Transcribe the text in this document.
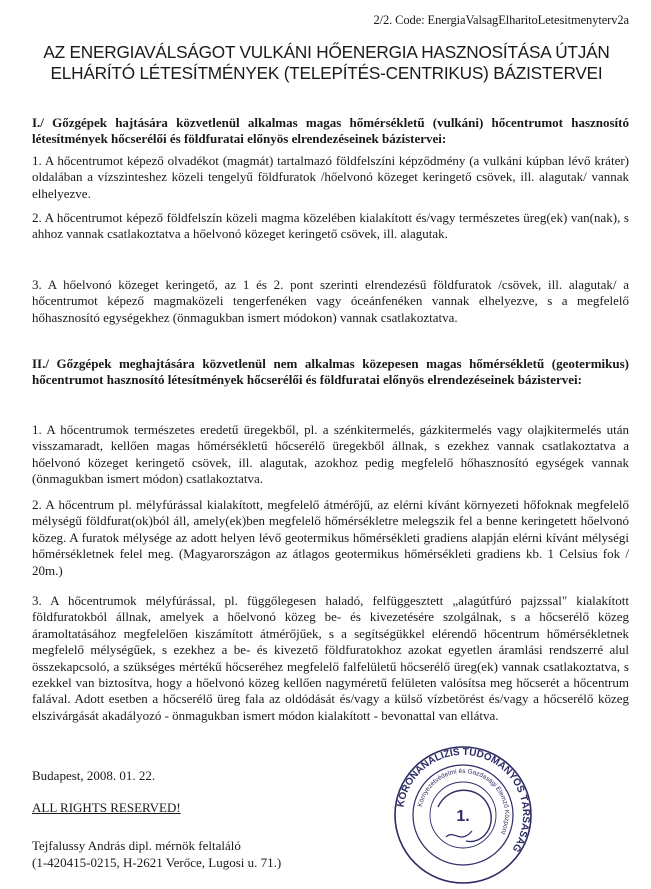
2/2. Code: EnergiaValsagElharitoLetesitmenyterv2a
AZ ENERGIAVÁLSÁGOT VULKÁNI HŐENERGIA HASZNOSÍTÁSA ÚTJÁN
ELHÁRÍTÓ LÉTESÍTMÉNYEK (TELEPÍTÉS-CENTRIKUS) BÁZISTERVEI
I./ Gőzgépek hajtására közvetlenül alkalmas magas hőmérsékletű (vulkáni) hőcentrumot hasznosító létesítmények hőcserélői és földfuratai előnyös elrendezéseinek bázistervei:
1. A hőcentrumot képező olvadékot (magmát) tartalmazó földfelszíni képződmény (a vulkáni kúpban lévő kráter) oldalában a vízszinteshez közeli tengelyű földfuratok /hőelvonó közeget keringető csövek, ill. alagutak/ vannak elhelyezve.
2. A hőcentrumot képező földfelszín közeli magma közelében kialakított és/vagy természetes üreg(ek) van(nak), s ahhoz vannak csatlakoztatva a hőelvonó közeget keringető csövek, ill. alagutak.
3. A hőelvonó közeget keringető, az 1 és 2. pont szerinti elrendezésű földfuratok /csövek, ill. alagutak/ a hőcentrumot képező magmaközeli tengerfenéken vagy óceánfenéken vannak elhelyezve, s a megfelelő hőhasznosító egységekhez (önmagukban ismert módokon) vannak csatlakoztatva.
II./ Gőzgépek meghajtására közvetlenül nem alkalmas közepesen magas hőmérsékletű (geotermikus) hőcentrumot hasznosító létesítmények hőcserélői és földfuratai előnyös elrendezéseinek bázistervei:
1. A hőcentrumok természetes eredetű üregekből, pl. a szénkitermelés, gázkitermelés vagy olajkitermelés után visszamaradt, kellően magas hőmérsékletű hőcserélő üregekből állnak, s ezekhez vannak csatlakoztatva a hőelvonó közeget keringető csövek, ill. alagutak, azokhoz pedig megfelelő hőhasznosító egységek vannak (önmagukban ismert módon) csatlakoztatva.
2. A hőcentrum pl. mélyfúrással kialakított, megfelelő átmérőjű, az elérni kívánt környezeti hőfoknak megfelelő mélységű földfurat(ok)ból áll, amely(ek)ben megfelelő hőmérsékletre melegszik fel a benne keringetett hőelvonó közeg. A furatok mélysége az adott helyen lévő geotermikus hőmérsékleti gradiens alapján elérni kívánt mélységi hőmérsékletnek felel meg. (Magyarországon az átlagos geotermikus hőmérsékleti gradiens kb. 1 Celsius fok / 20m.)
3. A hőcentrumok mélyfúrással, pl. függőlegesen haladó, felfüggesztett „alagútfúró pajzssal" kialakított földfuratokból állnak, amelyek a hőelvonó közeg be- és kivezetésére szolgálnak, s a hőcserélő közeg áramoltatásához megfelelően kiszámított átmérőjűek, s a segítségükkel elérendő hőcentrum hőmérsékletnek megfelelő mélységűek, s ezekhez a be- és kivezető földfuratokhoz azokat egyetlen áramlási rendszerré alul összekapcsoló, a szükséges mértékű hőcseréhez megfelelő falfelületű hőcserélő üreg(ek) vannak csatlakoztatva, s ezekkel van biztosítva, hogy a hőelvonó közeg kellően nagyméretű felületen valósítsa meg hőcserét a hőcentrum falával. Adott esetben a hőcserélő üreg fala az oldódását és/vagy a külső vízbetörést és/vagy a hőcserélő közeg elszivárgását akadályozó - önmagukban ismert módon kialakított - bevonattal van ellátva.
Budapest, 2008. 01. 22.
ALL RIGHTS RESERVED!
Tejfalussy András dipl. mérnök feltaláló
(1-420415-0215, H-2621 Verőce, Lugosi u. 71.)
KORONANALIZIS TUDOMÁNYOS TÁRSASÁG
Környezetvédelmi és Gazdasági Elemző Központ
1.
